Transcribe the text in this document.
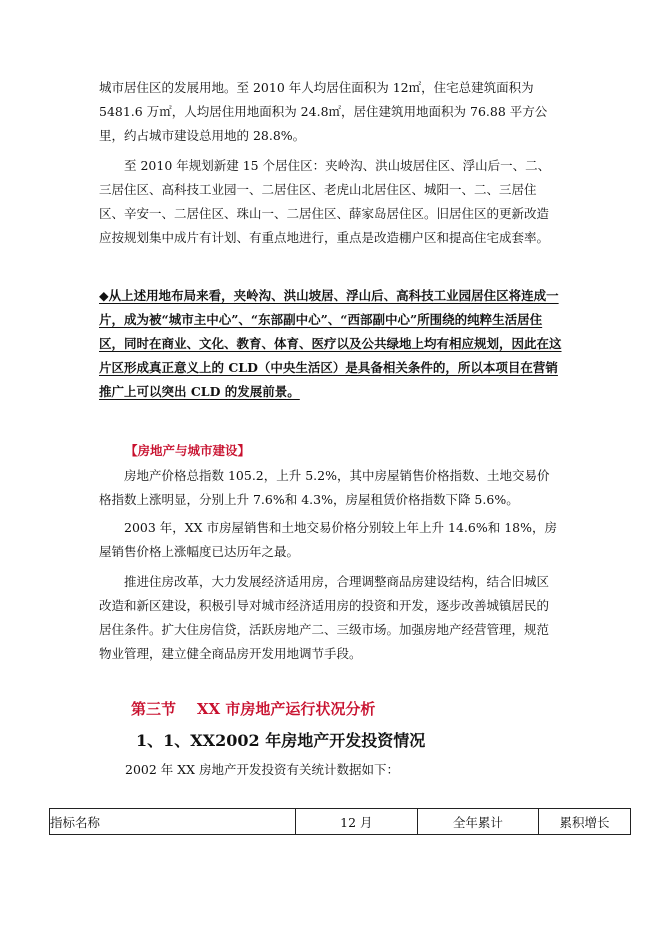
城市居住区的发展用地。至 2010 年人均居住面积为 12㎡，住宅总建筑面积为 5481.6 万㎡，人均居住用地面积为 24.8㎡，居住建筑用地面积为 76.88 平方公里，约占城市建设总用地的 28.8%。

至 2010 年规划新建 15 个居住区：夹岭沟、洪山坡居住区、浮山后一、二、三居住区、高科技工业园一、二居住区、老虎山北居住区、城阳一、二、三居住区、辛安一、二居住区、珠山一、二居住区、薛家岛居住区。旧居住区的更新改造应按规划集中成片有计划、有重点地进行，重点是改造棚户区和提高住宅成套率。

◆从上述用地布局来看，夹岭沟、洪山坡居、浮山后、高科技工业园居住区将连成一片，成为被“城市主中心”、“东部副中心”、“西部副中心”所围绕的纯粹生活居住区，同时在商业、文化、教育、体育、医疗以及公共绿地上均有相应规划，因此在这片区形成真正意义上的 CLD（中央生活区）是具备相关条件的，所以本项目在营销推广上可以突出 CLD 的发展前景。

【房地产与城市建设】

房地产价格总指数 105.2，上升 5.2%，其中房屋销售价格指数、土地交易价格指数上涨明显，分别上升 7.6%和 4.3%，房屋租赁价格指数下降 5.6%。

2003 年，XX 市房屋销售和土地交易价格分别较上年上升 14.6%和 18%，房屋销售价格上涨幅度已达历年之最。

推进住房改革，大力发展经济适用房，合理调整商品房建设结构，结合旧城区改造和新区建设，积极引导对城市经济适用房的投资和开发，逐步改善城镇居民的居住条件。扩大住房信贷，活跃房地产二、三级市场。加强房地产经营管理，规范物业管理，建立健全商品房开发用地调节手段。

第三节    XX 市房地产运行状况分析

1、1、XX2002 年房地产开发投资情况

2002 年 XX 房地产开发投资有关统计数据如下：

指标名称	12 月	全年累计	累积增长
